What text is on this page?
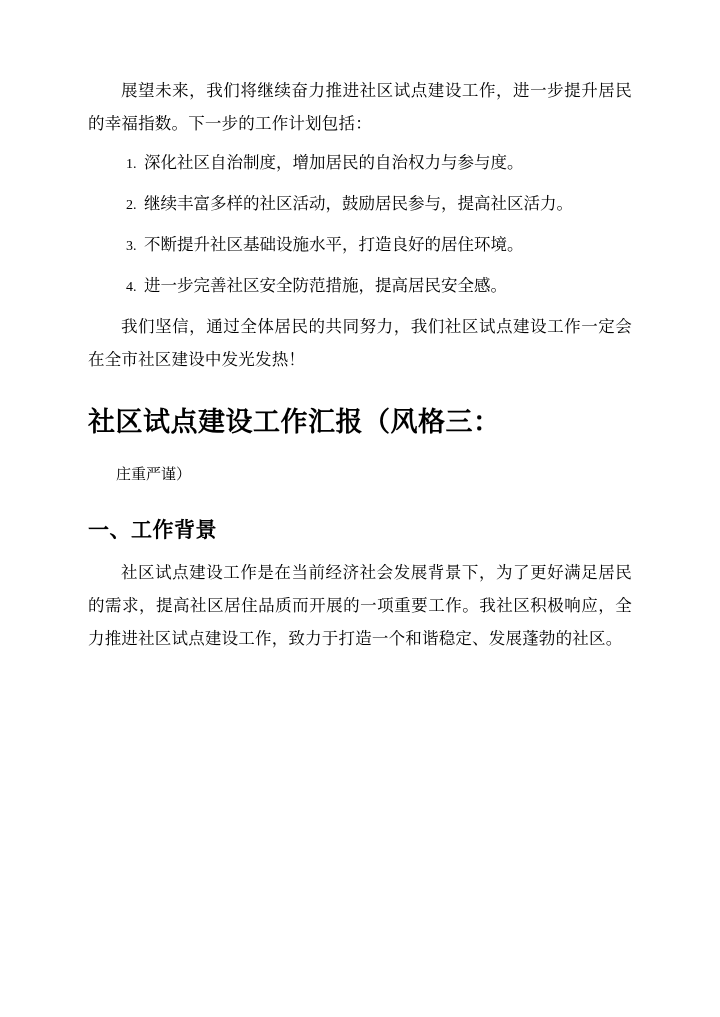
展望未来，我们将继续奋力推进社区试点建设工作，进一步提升居民的幸福指数。下一步的工作计划包括：

1. 深化社区自治制度，增加居民的自治权力与参与度。
2. 继续丰富多样的社区活动，鼓励居民参与，提高社区活力。
3. 不断提升社区基础设施水平，打造良好的居住环境。
4. 进一步完善社区安全防范措施，提高居民安全感。

我们坚信，通过全体居民的共同努力，我们社区试点建设工作一定会在全市社区建设中发光发热！

社区试点建设工作汇报（风格三：
庄重严谨）
一、工作背景

社区试点建设工作是在当前经济社会发展背景下，为了更好满足居民的需求，提高社区居住品质而开展的一项重要工作。我社区积极响应，全力推进社区试点建设工作，致力于打造一个和谐稳定、发展蓬勃的社区。
